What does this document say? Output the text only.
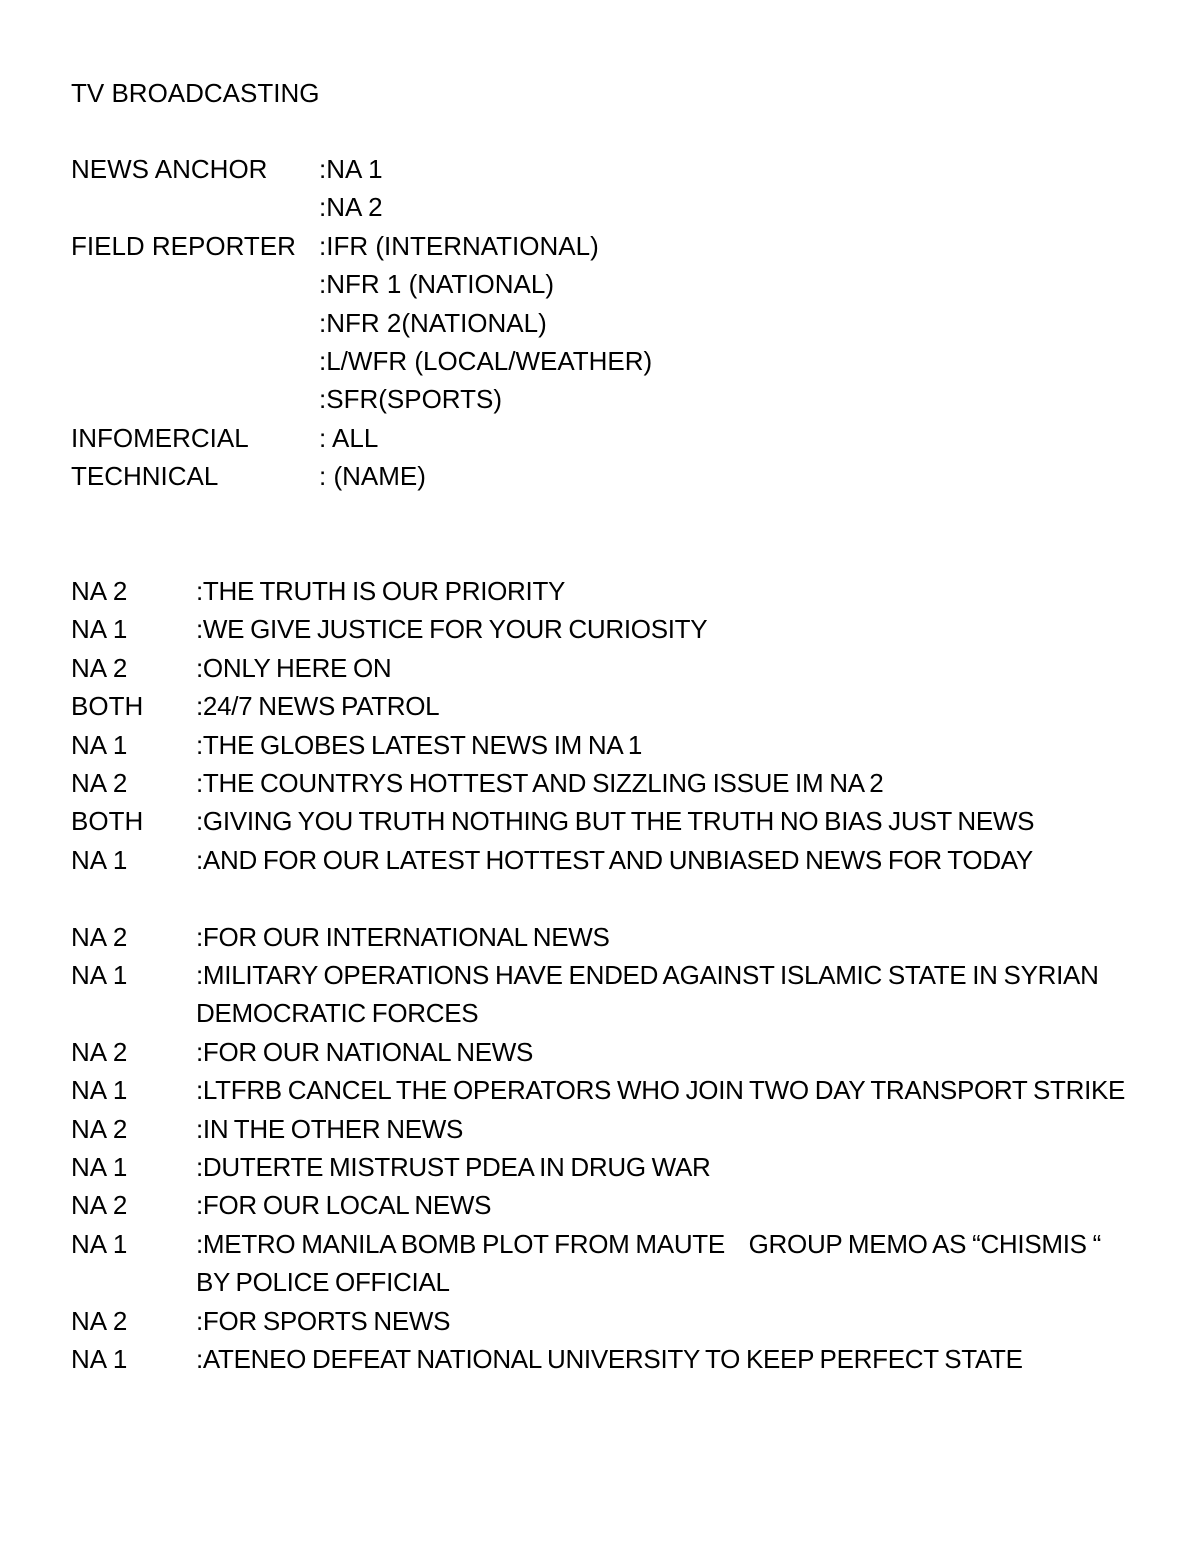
TV BROADCASTING
NEWS ANCHOR	:NA 1
:NA 2
FIELD REPORTER :IFR (INTERNATIONAL)
:NFR 1 (NATIONAL)
:NFR 2(NATIONAL)
:L/WFR (LOCAL/WEATHER)
:SFR(SPORTS)
INFOMERCIAL	: ALL
TECHNICAL	: (NAME)
NA 2	:THE TRUTH IS OUR PRIORITY
NA 1	:WE GIVE JUSTICE FOR YOUR CURIOSITY
NA 2	:ONLY HERE ON
BOTH	:24/7 NEWS PATROL
NA 1	:THE GLOBES LATEST NEWS IM NA 1
NA 2	:THE COUNTRYS HOTTEST AND SIZZLING ISSUE IM NA 2
BOTH	:GIVING YOU TRUTH NOTHING BUT THE TRUTH NO BIAS JUST NEWS
NA 1	:AND FOR OUR LATEST HOTTEST AND UNBIASED NEWS FOR TODAY
NA 2	:FOR OUR INTERNATIONAL NEWS
NA 1	:MILITARY OPERATIONS HAVE ENDED AGAINST ISLAMIC STATE IN SYRIAN DEMOCRATIC FORCES
NA 2	:FOR OUR NATIONAL NEWS
NA 1	:LTFRB CANCEL THE OPERATORS WHO JOIN TWO DAY TRANSPORT STRIKE
NA 2	:IN THE OTHER NEWS
NA 1	:DUTERTE MISTRUST PDEA IN DRUG WAR
NA 2	:FOR OUR LOCAL NEWS
NA 1	:METRO MANILA BOMB PLOT FROM MAUTE    GROUP MEMO AS “CHISMIS “ BY POLICE OFFICIAL
NA 2	:FOR SPORTS NEWS
NA 1	:ATENEO DEFEAT NATIONAL UNIVERSITY TO KEEP PERFECT STATE
